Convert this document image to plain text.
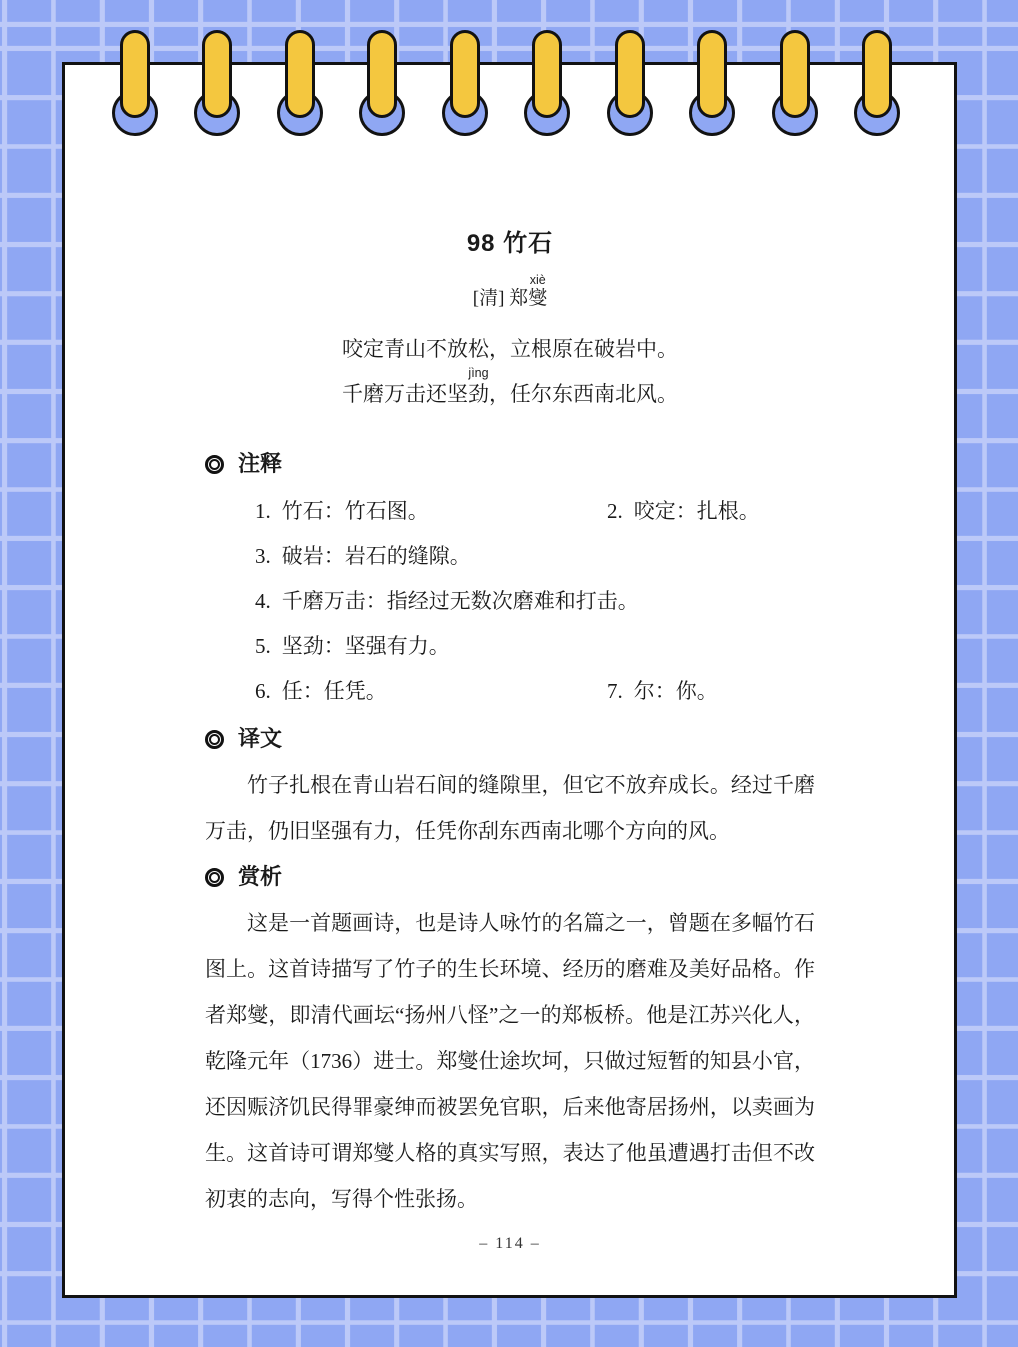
98 竹石
[清] 郑
xiè
燮
咬定青山不放松，立根原在破岩中。
千磨万击还坚
jìng
劲，任尔东西南北风。
注释
1. 竹石：竹石图。	2. 咬定：扎根。
3. 破岩：岩石的缝隙。
4. 千磨万击：指经过无数次磨难和打击。
5. 坚劲：坚强有力。
6. 任：任凭。	7. 尔：你。
译文

竹子扎根在青山岩石间的缝隙里，但它不放弃成长。经过千磨万击，仍旧坚强有力，任凭你刮东西南北哪个方向的风。

赏析

这是一首题画诗，也是诗人咏竹的名篇之一，曾题在多幅竹石图上。这首诗描写了竹子的生长环境、经历的磨难及美好品格。作者郑燮，即清代画坛“扬州八怪”之一的郑板桥。他是江苏兴化人，乾隆元年（1736）进士。郑燮仕途坎坷，只做过短暂的知县小官，还因赈济饥民得罪豪绅而被罢免官职，后来他寄居扬州，以卖画为生。这首诗可谓郑燮人格的真实写照，表达了他虽遭遇打击但不改初衷的志向，写得个性张扬。

– 114 –
